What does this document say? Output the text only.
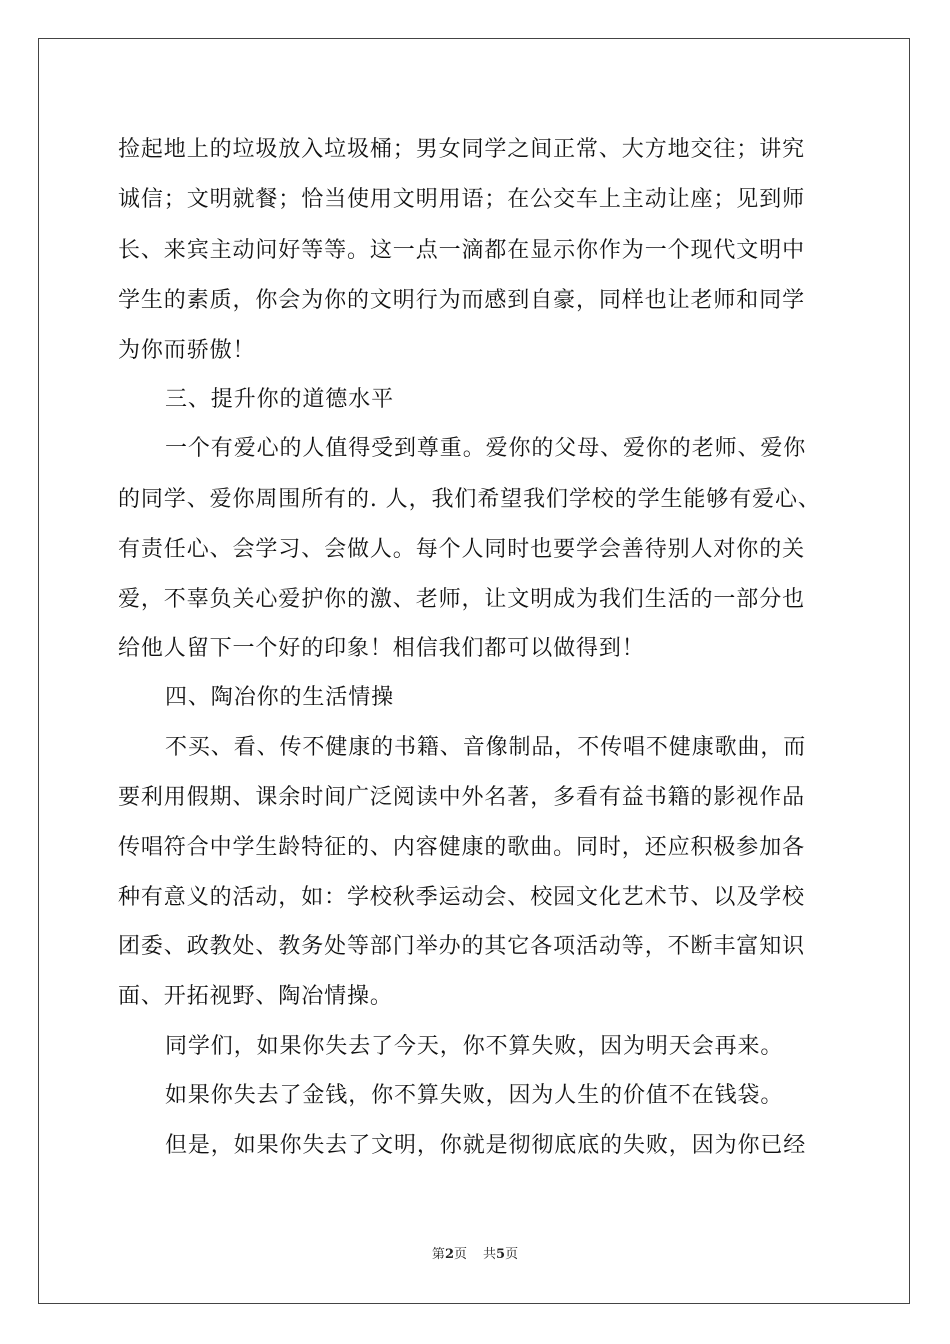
捡起地上的垃圾放入垃圾桶；男女同学之间正常、大方地交往；讲究
诚信；文明就餐；恰当使用文明用语；在公交车上主动让座；见到师
长、来宾主动问好等等。这一点一滴都在显示你作为一个现代文明中
学生的素质，你会为你的文明行为而感到自豪，同样也让老师和同学
为你而骄傲！
三、提升你的道德水平
一个有爱心的人值得受到尊重。爱你的父母、爱你的老师、爱你
的同学、爱你周围所有的. 人，我们希望我们学校的学生能够有爱心、
有责任心、会学习、会做人。每个人同时也要学会善待别人对你的关
爱，不辜负关心爱护你的激、老师，让文明成为我们生活的一部分也
给他人留下一个好的印象！相信我们都可以做得到！
四、陶冶你的生活情操
不买、看、传不健康的书籍、音像制品，不传唱不健康歌曲，而
要利用假期、课余时间广泛阅读中外名著，多看有益书籍的影视作品
传唱符合中学生龄特征的、内容健康的歌曲。同时，还应积极参加各
种有意义的活动，如：学校秋季运动会、校园文化艺术节、以及学校
团委、政教处、教务处等部门举办的其它各项活动等，不断丰富知识
面、开拓视野、陶冶情操。
同学们，如果你失去了今天，你不算失败，因为明天会再来。
如果你失去了金钱，你不算失败，因为人生的价值不在钱袋。
但是，如果你失去了文明，你就是彻彻底底的失败，因为你已经
第2页 共5页
